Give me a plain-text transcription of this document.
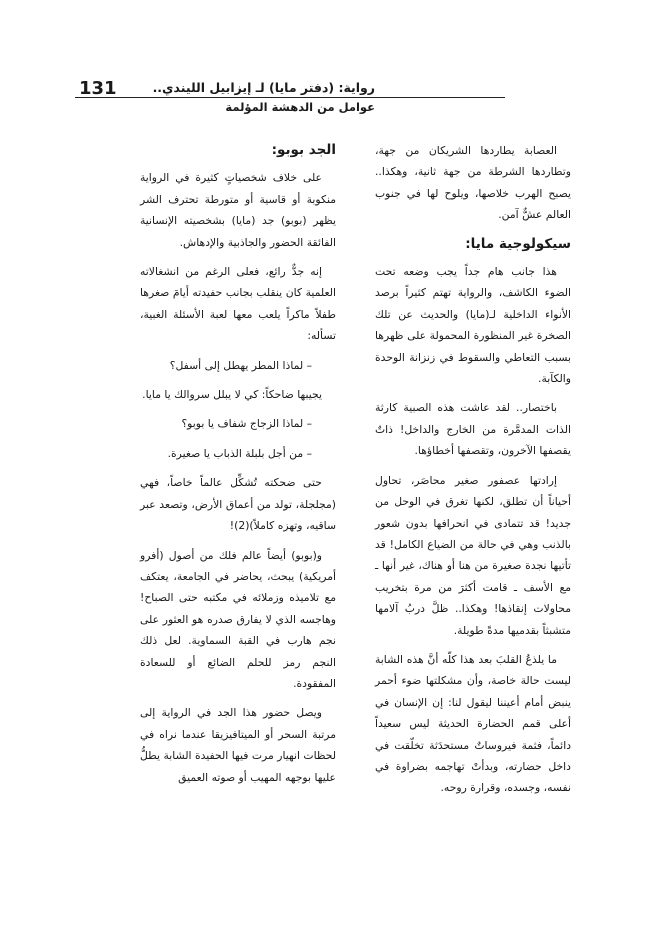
رواية: (دفتر مايا) لـ إيزابيل الليندي..
عوامل من الدهشة المؤلمة
131

العصابة يطاردها الشريكان من جهة، وتطاردها الشرطة من جهة ثانية، وهكذا.. يصبح الهرب خلاصها، ويلوح لها في جنوب العالم عشٌّ آمن.

سيكولوجية مايا:

هذا جانب هام جداً يجب وضعه تحت الضوء الكاشف، والرواية تهتم كثيراً برصد الأنواء الداخلية لـ(مايا) والحديث عن تلك الصخرة غير المنظورة المحمولة على ظهرها بسبب التعاطي والسقوط في زنزانة الوحدة والكآبة.

باختصار.. لقد عاشت هذه الصبية كارثة الذات المدمَّرة من الخارج والداخل! ذاتٌ يقصفها الآخرون، وتقصفها أخطاؤها.

إرادتها عصفور صغير محاصَر، تحاول أحياناً أن تطلق، لكنها تغرق في الوحل من جديد! قد تتمادى في انحرافها بدون شعور بالذنب وهي في حالة من الضياع الكامل! قد تأتيها نجدة صغيرة من هنا أو هناك، غير أنها ـ مع الأسف ـ قامت أكثرَ من مرة بتخريب محاولات إنقاذها! وهكذا.. ظلَّ دربُ آلامها متشبثاً بقدميها مدةً طويلة.

ما يلذعُ القلبَ بعد هذا كلّه أنَّ هذه الشابة ليست حالة خاصة، وأن مشكلتها ضوء أحمر ينبض أمام أعيننا ليقول لنا: إن الإنسان في أعلى قمم الحضارة الحديثة ليس سعيداً دائماً، فثمة فيروساتٌ مستحدَثة تخلّقت في داخل حضارته، وبدأتْ تهاجمه بضراوة في نفسه، وجسده، وقرارة روحه.

الجد بوبو:

على خلاف شخصياتٍ كثيرة في الرواية منكوبة أو قاسية أو متورطة تحترف الشر يظهر (بوبو) جد (مايا) بشخصيته الإنسانية الفائقة الحضور والجاذبية والإدهاش.

إنه جدٌّ رائع، فعلى الرغم من انشغالاته العلمية كان ينقلب بجانب حفيدته أيامَ صغرها طفلاً ماكراً يلعب معها لعبة الأسئلة الغبية، تسأله:

– لماذا المطر يهطل إلى أسفل؟

يجيبها ضاحكاً: كي لا يبلل سروالك يا مايا.

– لماذا الزجاج شفاف يا بوبو؟

– من أجل بلبلة الذباب يا صغيرة.

حتى ضحكته تُشكِّل عالماً خاصاً، فهي (مجلجلة، تولد من أعماق الأرض، وتصعد عبر ساقيه، وتهزه كاملاً)(2)!

و(بوبو) أيضاً عالم فلك من أصول (أفرو أمريكية) يبحث، يحاضر في الجامعة، يعتكف مع تلاميذه وزملائه في مكتبه حتى الصباح! وهاجسه الذي لا يفارق صدره هو العثور على نجم هارب في القبة السماوية. لعل ذلك النجم رمز للحلم الضائع أو للسعادة المفقودة.

ويصل حضور هذا الجد في الرواية إلى مرتبة السحر أو الميتافيزيقا عندما نراه في لحظات انهيار مرت فيها الحفيدة الشابة يطلُّ عليها بوجهه المهيب أو صوته العميق
